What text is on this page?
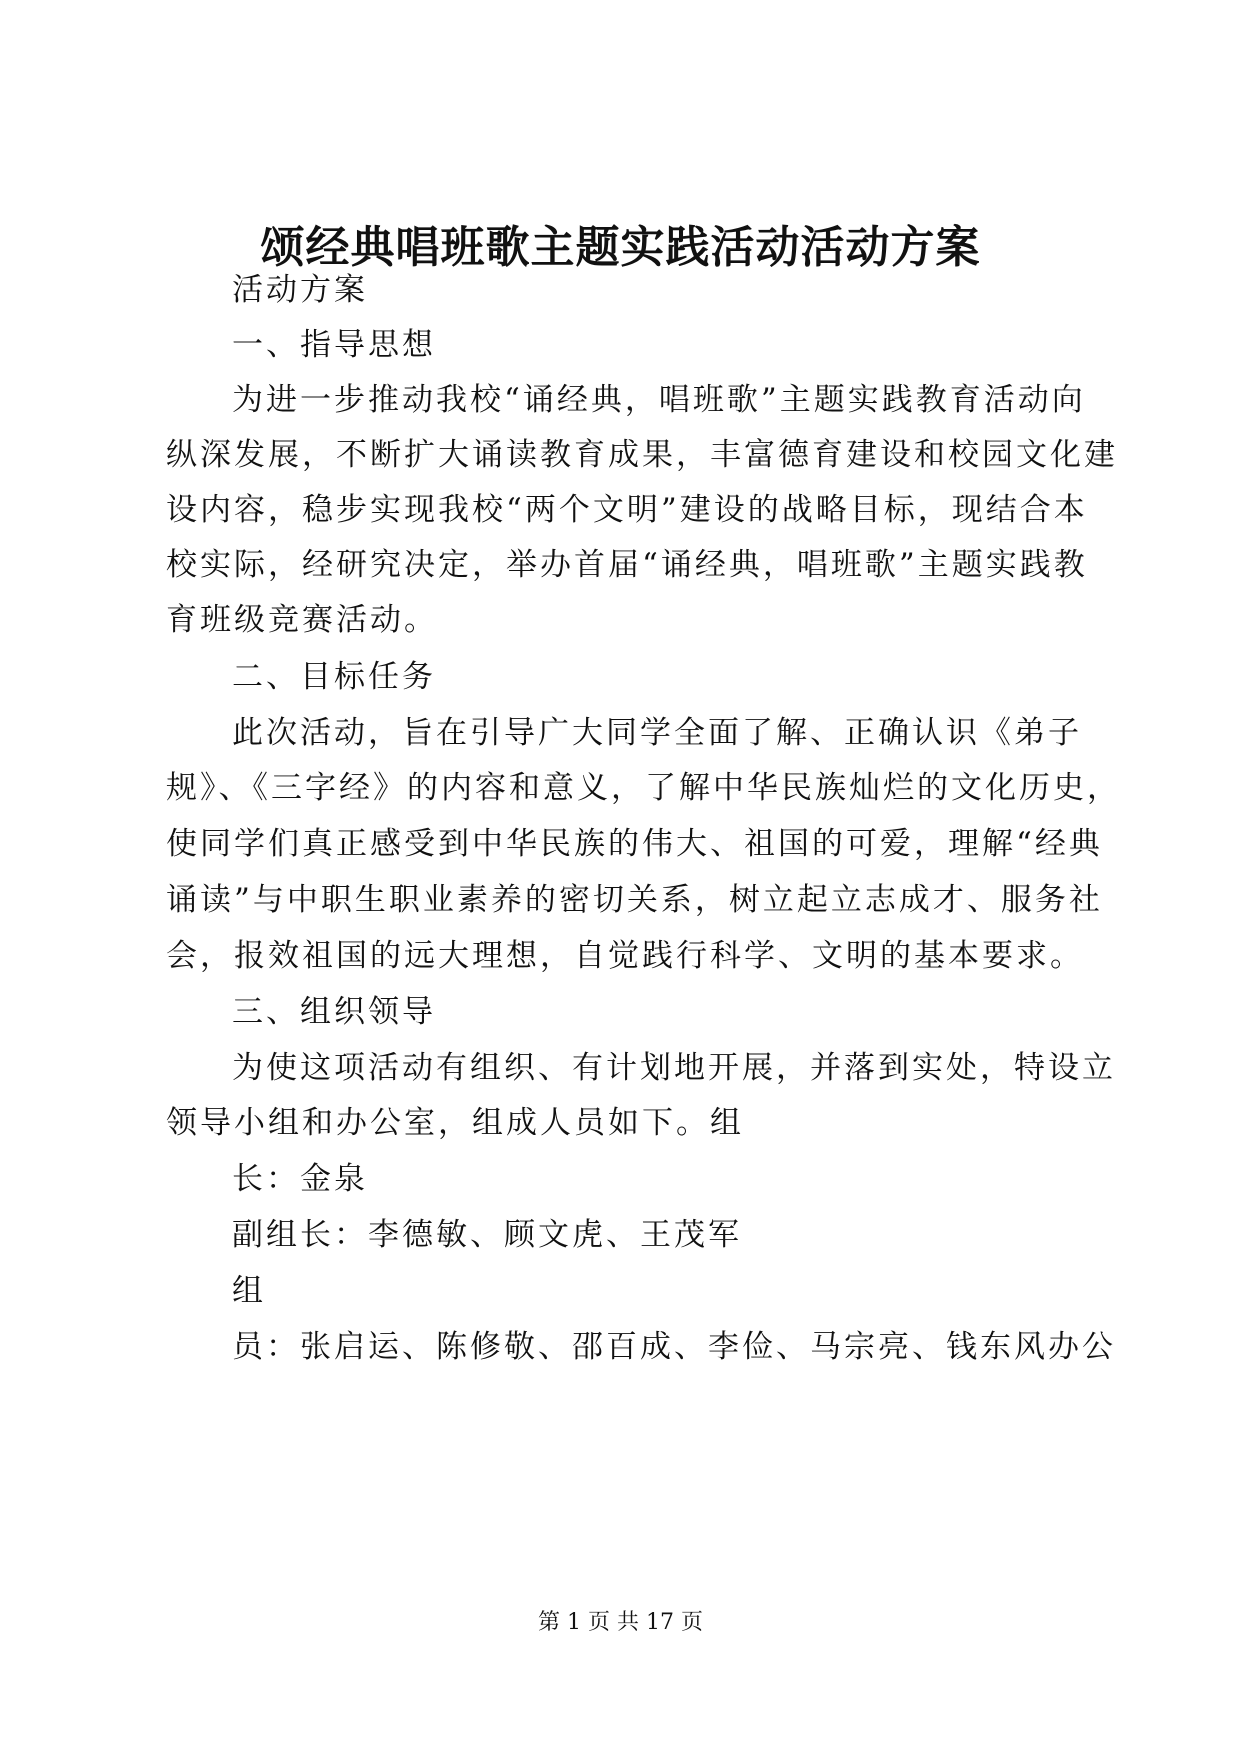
颂经典唱班歌主题实践活动活动方案
活动方案
一、指导思想
为进一步推动我校“诵经典，唱班歌”主题实践教育活动向
纵深发展，不断扩大诵读教育成果，丰富德育建设和校园文化建
设内容，稳步实现我校“两个文明”建设的战略目标，现结合本
校实际，经研究决定，举办首届“诵经典，唱班歌”主题实践教
育班级竞赛活动。
二、目标任务
此次活动，旨在引导广大同学全面了解、正确认识《弟子
规》、《三字经》的内容和意义，了解中华民族灿烂的文化历史，
使同学们真正感受到中华民族的伟大、祖国的可爱，理解“经典
诵读”与中职生职业素养的密切关系，树立起立志成才、服务社
会，报效祖国的远大理想，自觉践行科学、文明的基本要求。
三、组织领导
为使这项活动有组织、有计划地开展，并落到实处，特设立
领导小组和办公室，组成人员如下。组
长：金泉
副组长：李德敏、顾文虎、王茂军
组
员：张启运、陈修敬、邵百成、李俭、马宗亮、钱东风办公
第 1 页 共 17 页
